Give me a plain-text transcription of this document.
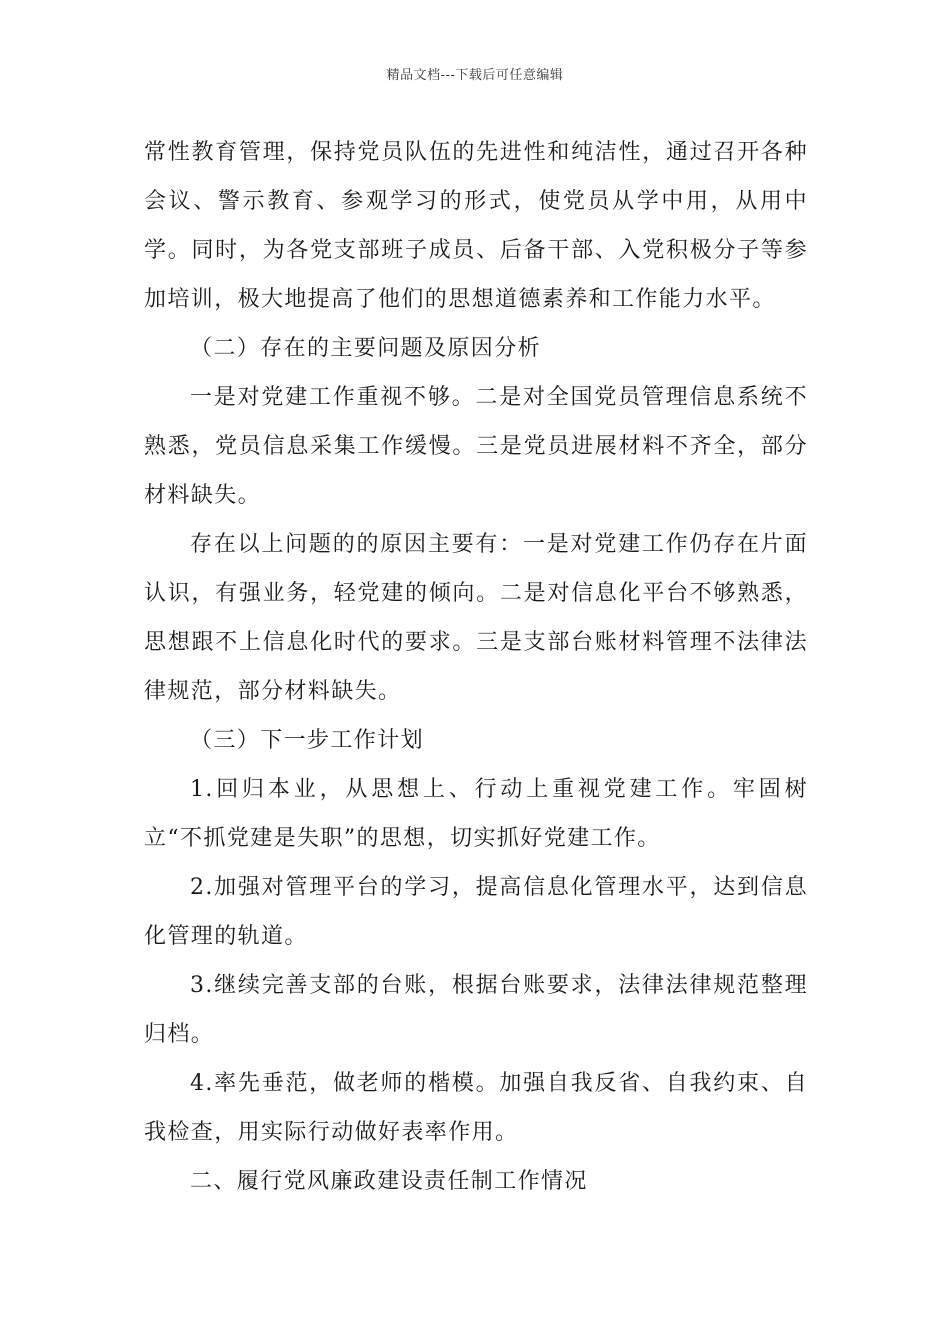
精品文档---下载后可任意编辑

常性教育管理，保持党员队伍的先进性和纯洁性，通过召开各种会议、警示教育、参观学习的形式，使党员从学中用，从用中学。同时，为各党支部班子成员、后备干部、入党积极分子等参加培训，极大地提高了他们的思想道德素养和工作能力水平。

（二）存在的主要问题及原因分析

一是对党建工作重视不够。二是对全国党员管理信息系统不熟悉，党员信息采集工作缓慢。三是党员进展材料不齐全，部分材料缺失。

存在以上问题的的原因主要有：一是对党建工作仍存在片面认识，有强业务，轻党建的倾向。二是对信息化平台不够熟悉，思想跟不上信息化时代的要求。三是支部台账材料管理不法律法律规范，部分材料缺失。

（三）下一步工作计划

1.回归本业，从思想上、行动上重视党建工作。牢固树立“不抓党建是失职”的思想，切实抓好党建工作。

2.加强对管理平台的学习，提高信息化管理水平，达到信息化管理的轨道。

3.继续完善支部的台账，根据台账要求，法律法律规范整理归档。

4.率先垂范，做老师的楷模。加强自我反省、自我约束、自我检查，用实际行动做好表率作用。

二、履行党风廉政建设责任制工作情况
